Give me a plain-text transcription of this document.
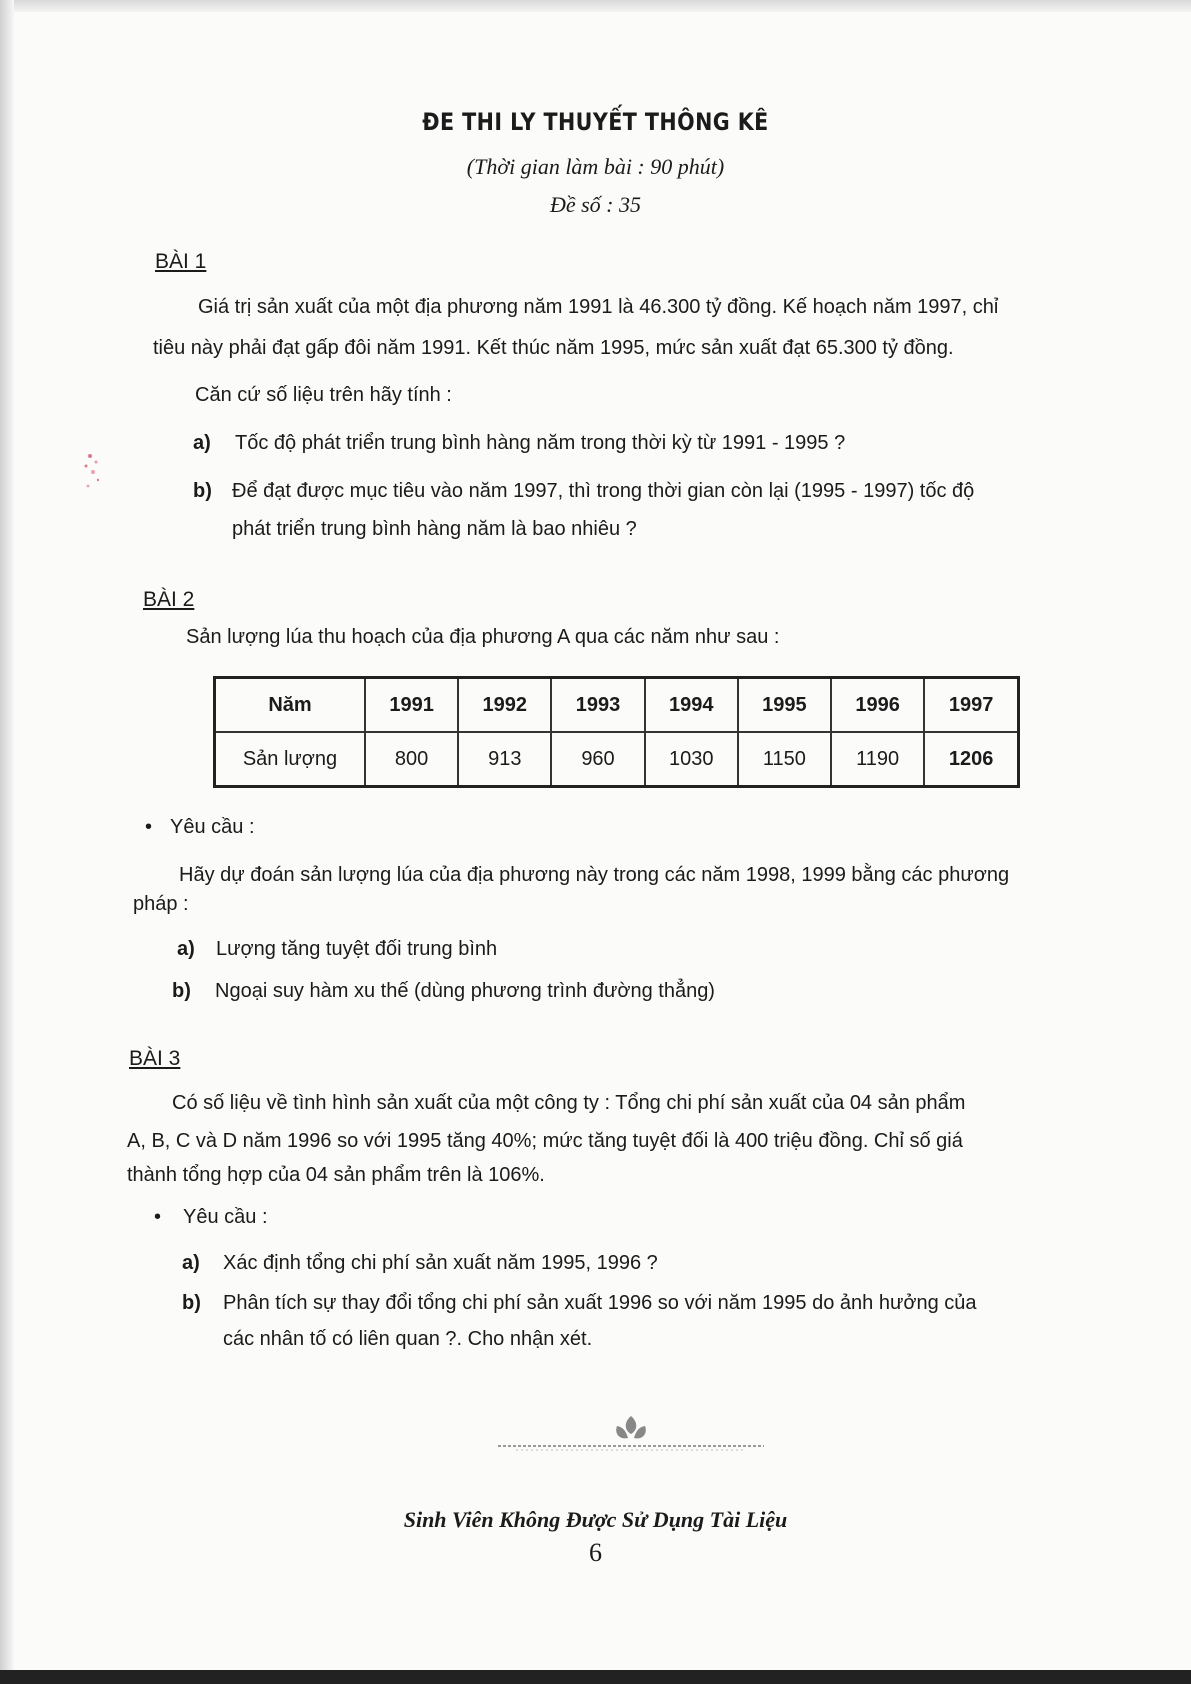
ĐE THI LY THUYẾT THÔNG KÊ
(Thời gian làm bài : 90 phút)
Đề số : 35
BÀI 1
Giá trị sản xuất của một địa phương năm 1991 là 46.300 tỷ đồng. Kế hoạch năm 1997, chỉ
tiêu này phải đạt gấp đôi năm 1991. Kết thúc năm 1995, mức sản xuất đạt 65.300 tỷ đồng.
Căn cứ số liệu trên hãy tính :
a) Tốc độ phát triển trung bình hàng năm trong thời kỳ từ 1991 - 1995 ?
b) Để đạt được mục tiêu vào năm 1997, thì trong thời gian còn lại (1995 - 1997) tốc độ
phát triển trung bình hàng năm là bao nhiêu ?
BÀI 2
Sản lượng lúa thu hoạch của địa phương A qua các năm như sau :
Năm	1991	1992	1993	1994	1995	1996	1997
Sản lượng	800	913	960	1030	1150	1190	1206
• Yêu cầu :
Hãy dự đoán sản lượng lúa của địa phương này trong các năm 1998, 1999 bằng các phương
pháp :
a) Lượng tăng tuyệt đối trung bình
b) Ngoại suy hàm xu thế (dùng phương trình đường thẳng)
BÀI 3
Có số liệu về tình hình sản xuất của một công ty : Tổng chi phí sản xuất của 04 sản phẩm
A, B, C và D năm 1996 so với 1995 tăng 40%; mức tăng tuyệt đối là 400 triệu đồng. Chỉ số giá
thành tổng hợp của 04 sản phẩm trên là 106%.
• Yêu cầu :
a) Xác định tổng chi phí sản xuất năm 1995, 1996 ?
b) Phân tích sự thay đổi tổng chi phí sản xuất 1996 so với năm 1995 do ảnh hưởng của
các nhân tố có liên quan ?. Cho nhận xét.
Sinh Viên Không Được Sử Dụng Tài Liệu
6
